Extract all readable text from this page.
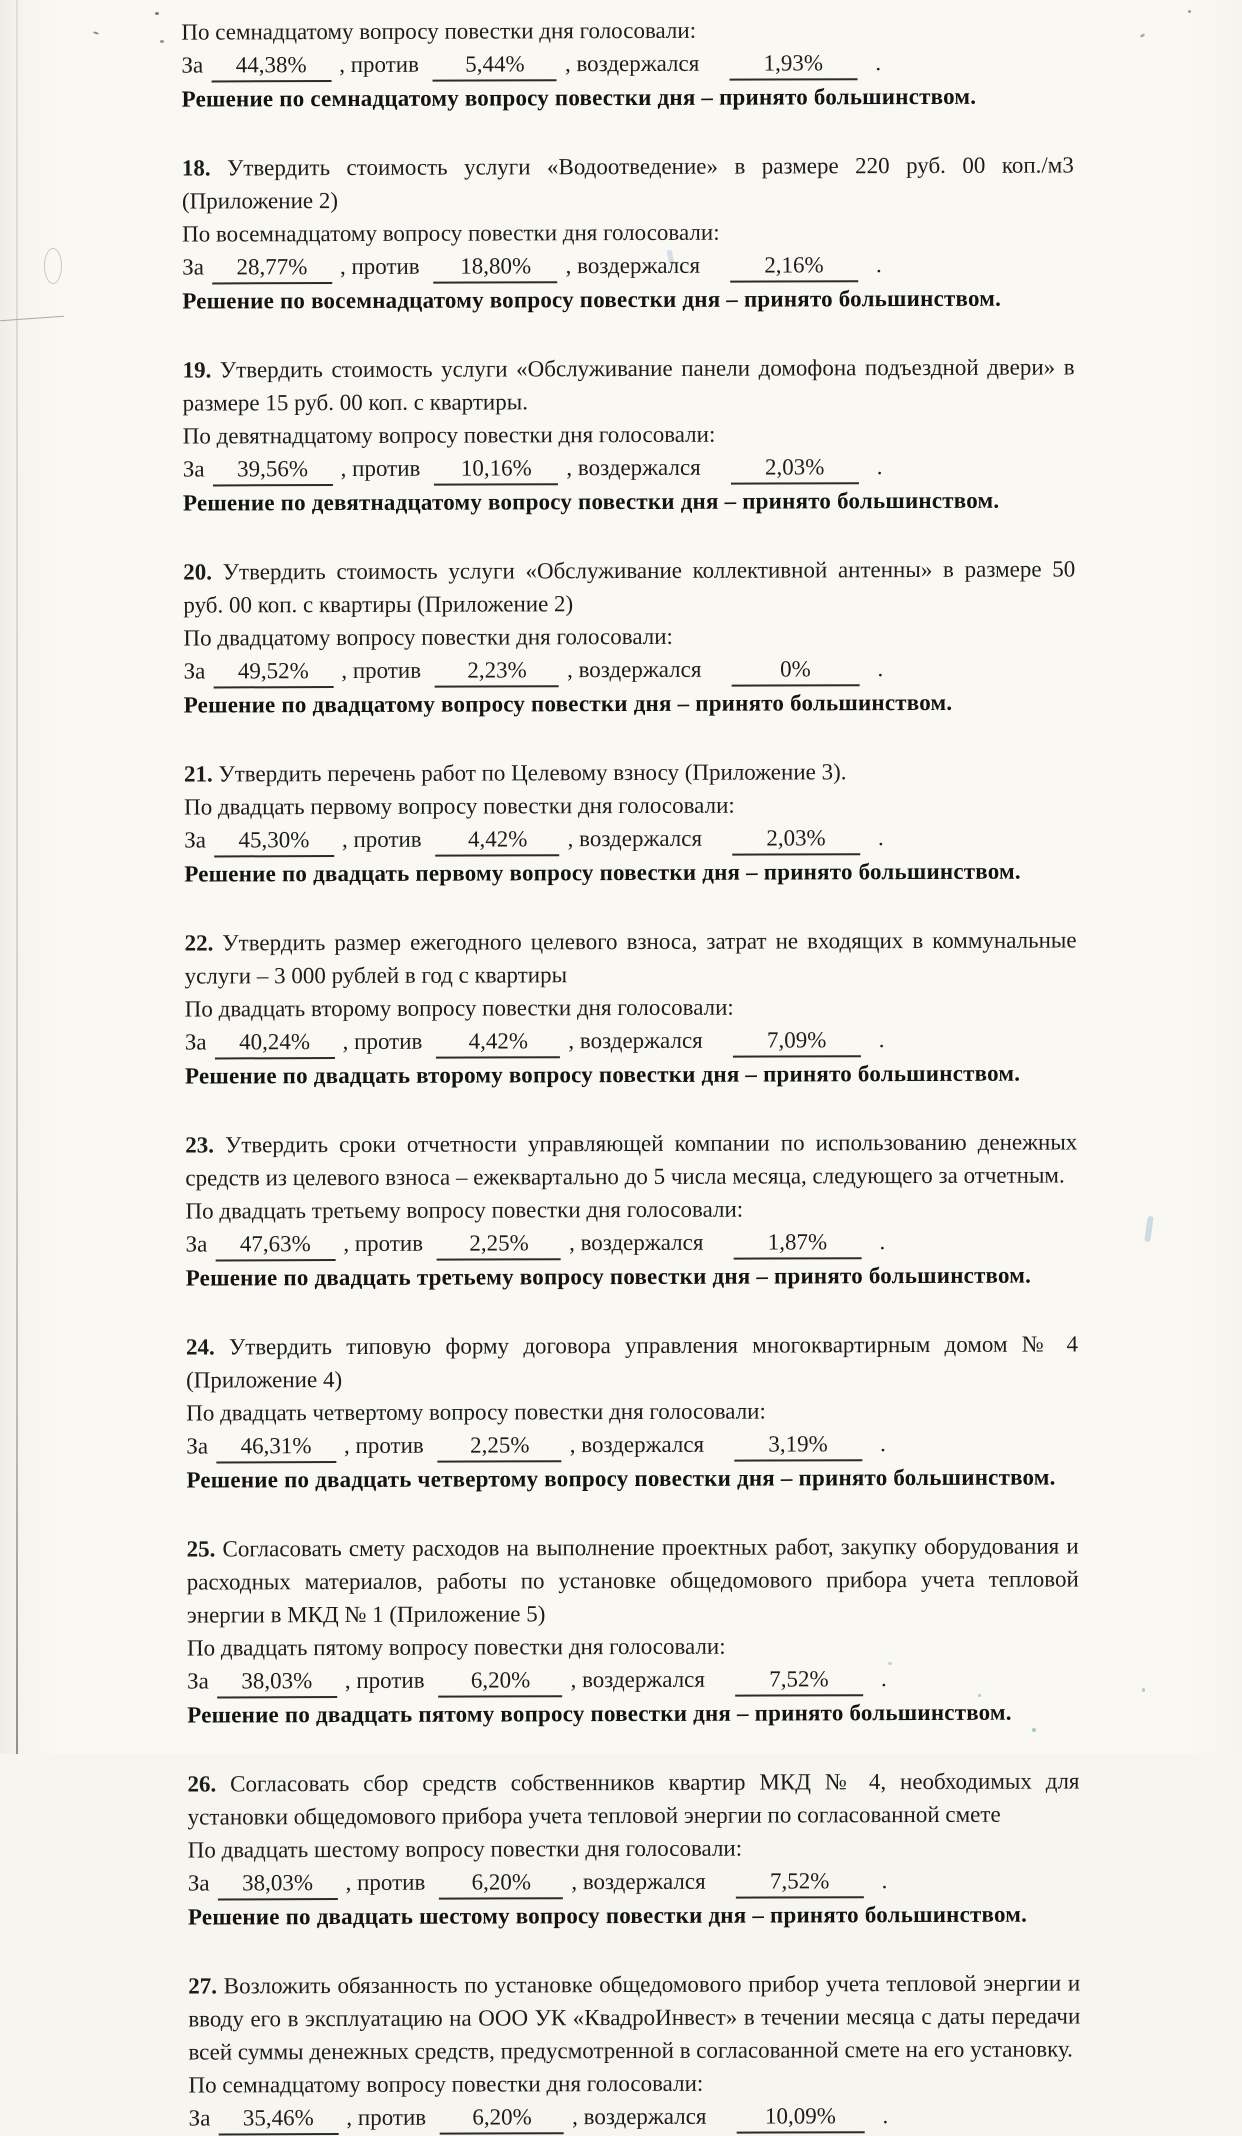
По семнадцатому вопросу повестки дня голосовали:

За 44,38% , против 5,44% , воздержался	1,93% .

Решение по семнадцатому вопросу повестки дня – принято большинством.

18. Утвердить стоимость услуги «Водоотведение» в размере 220 руб. 00 коп./м3 (Приложение 2)

По восемнадцатому вопросу повестки дня голосовали:

За 28,77% , против 18,80% , воздержался	2,16% .

Решение по восемнадцатому вопросу повестки дня – принято большинством.

19. Утвердить стоимость услуги «Обслуживание панели домофона подъездной двери» в размере 15 руб. 00 коп. с квартиры.

По девятнадцатому вопросу повестки дня голосовали:

За 39,56% , против 10,16% , воздержался	2,03% .

Решение по девятнадцатому вопросу повестки дня – принято большинством.

20. Утвердить стоимость услуги «Обслуживание коллективной антенны» в размере 50 руб. 00 коп. с квартиры (Приложение 2)

По двадцатому вопросу повестки дня голосовали:

За 49,52% , против 2,23% , воздержался	0%	.

Решение по двадцатому вопросу повестки дня – принято большинством.

21. Утвердить перечень работ по Целевому взносу (Приложение 3).

По двадцать первому вопросу повестки дня голосовали:

За 45,30% , против 4,42% , воздержался	2,03% .

Решение по двадцать первому вопросу повестки дня – принято большинством.

22. Утвердить размер ежегодного целевого взноса, затрат не входящих в коммунальные услуги – 3 000 рублей в год с квартиры

По двадцать второму вопросу повестки дня голосовали:

За 40,24% , против 4,42% , воздержался	7,09% .

Решение по двадцать второму вопросу повестки дня – принято большинством.

23. Утвердить сроки отчетности управляющей компании по использованию денежных средств из целевого взноса – ежеквартально до 5 числа месяца, следующего за отчетным.

По двадцать третьему вопросу повестки дня голосовали:

За 47,63% , против 2,25% , воздержался	1,87% .

Решение по двадцать третьему вопросу повестки дня – принято большинством.

24. Утвердить типовую форму договора управления многоквартирным домом № 4 (Приложение 4)

По двадцать четвертому вопросу повестки дня голосовали:

За 46,31% , против 2,25% , воздержался	3,19% .

Решение по двадцать четвертому вопросу повестки дня – принято большинством.

25. Согласовать смету расходов на выполнение проектных работ, закупку оборудования и расходных материалов, работы по установке общедомового прибора учета тепловой энергии в МКД № 1 (Приложение 5)

По двадцать пятому вопросу повестки дня голосовали:

За 38,03% , против 6,20% , воздержался	7,52% .

Решение по двадцать пятому вопросу повестки дня – принято большинством.

26. Согласовать сбор средств собственников квартир МКД № 4, необходимых для установки общедомового прибора учета тепловой энергии по согласованной смете

По двадцать шестому вопросу повестки дня голосовали:

За 38,03% , против 6,20% , воздержался	7,52% .

Решение по двадцать шестому вопросу повестки дня – принято большинством.

27. Возложить обязанность по установке общедомового прибор учета тепловой энергии и вводу его в эксплуатацию на ООО УК «КвадроИнвест» в течении месяца с даты передачи всей суммы денежных средств, предусмотренной в согласованной смете на его установку.

По семнадцатому вопросу повестки дня голосовали:

За 35,46% , против 6,20% , воздержался	10,09% .
